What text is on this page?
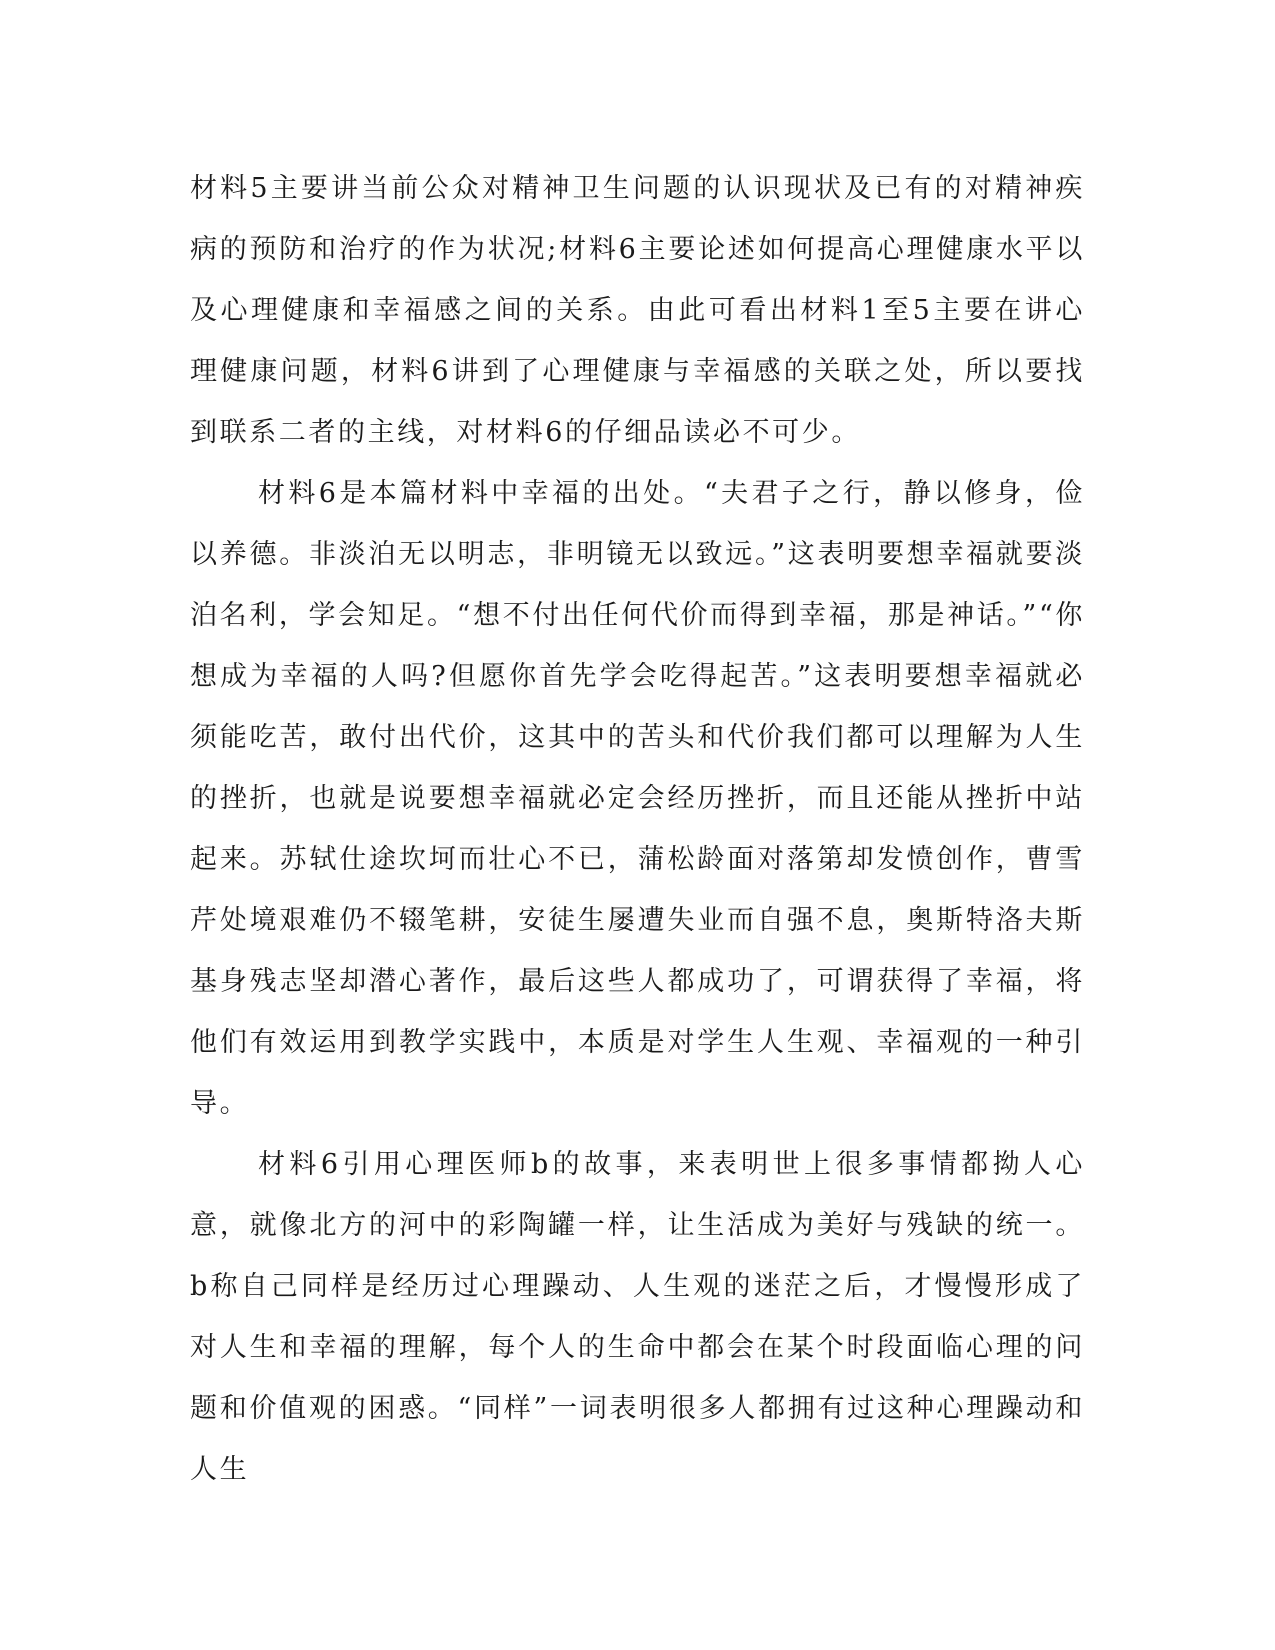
材料5主要讲当前公众对精神卫生问题的认识现状及已有的对精神疾病的预防和治疗的作为状况;材料6主要论述如何提高心理健康水平以及心理健康和幸福感之间的关系。由此可看出材料1至5主要在讲心理健康问题，材料6讲到了心理健康与幸福感的关联之处，所以要找到联系二者的主线，对材料6的仔细品读必不可少。

材料6是本篇材料中幸福的出处。“夫君子之行，静以修身，俭以养德。非淡泊无以明志，非明镜无以致远。”这表明要想幸福就要淡泊名利，学会知足。“想不付出任何代价而得到幸福，那是神话。”“你想成为幸福的人吗?但愿你首先学会吃得起苦。”这表明要想幸福就必须能吃苦，敢付出代价，这其中的苦头和代价我们都可以理解为人生的挫折，也就是说要想幸福就必定会经历挫折，而且还能从挫折中站起来。苏轼仕途坎坷而壮心不已，蒲松龄面对落第却发愤创作，曹雪芹处境艰难仍不辍笔耕，安徒生屡遭失业而自强不息，奥斯特洛夫斯基身残志坚却潜心著作，最后这些人都成功了，可谓获得了幸福，将他们有效运用到教学实践中，本质是对学生人生观、幸福观的一种引导。

材料6引用心理医师b的故事，来表明世上很多事情都拗人心意，就像北方的河中的彩陶罐一样，让生活成为美好与残缺的统一。b称自己同样是经历过心理躁动、人生观的迷茫之后，才慢慢形成了对人生和幸福的理解，每个人的生命中都会在某个时段面临心理的问题和价值观的困惑。“同样”一词表明很多人都拥有过这种心理躁动和人生
